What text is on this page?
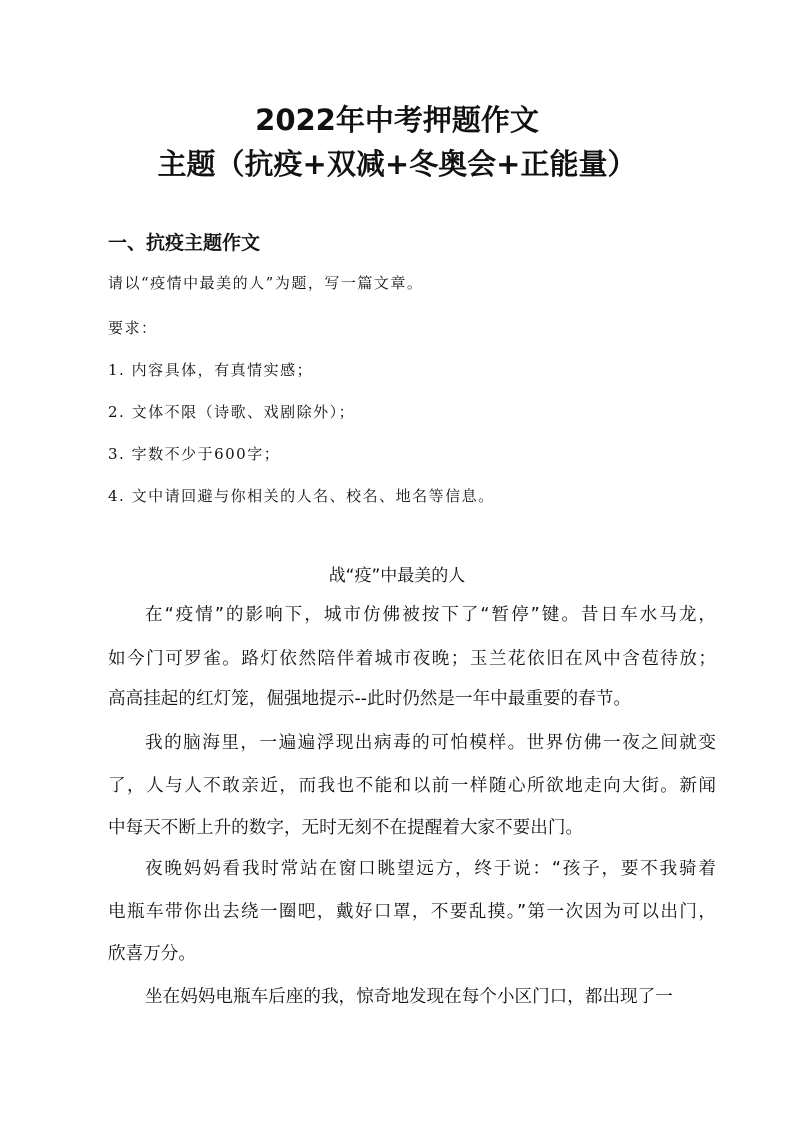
2022年中考押题作文
主题（抗疫+双减+冬奥会+正能量）
一、抗疫主题作文
请以“疫情中最美的人”为题，写一篇文章。
要求：
1. 内容具体，有真情实感；
2. 文体不限（诗歌、戏剧除外）；
3. 字数不少于600字；
4. 文中请回避与你相关的人名、校名、地名等信息。
战“疫”中最美的人
在“疫情”的影响下，城市仿佛被按下了“暂停”键。昔日车水马龙，
如今门可罗雀。路灯依然陪伴着城市夜晚；玉兰花依旧在风中含苞待放；
高高挂起的红灯笼，倔强地提示--此时仍然是一年中最重要的春节。
我的脑海里，一遍遍浮现出病毒的可怕模样。世界仿佛一夜之间就变
了，人与人不敢亲近，而我也不能和以前一样随心所欲地走向大街。新闻
中每天不断上升的数字，无时无刻不在提醒着大家不要出门。
夜晚妈妈看我时常站在窗口眺望远方，终于说：“孩子，要不我骑着
电瓶车带你出去绕一圈吧，戴好口罩，不要乱摸。”第一次因为可以出门，
欣喜万分。
坐在妈妈电瓶车后座的我，惊奇地发现在每个小区门口，都出现了一
